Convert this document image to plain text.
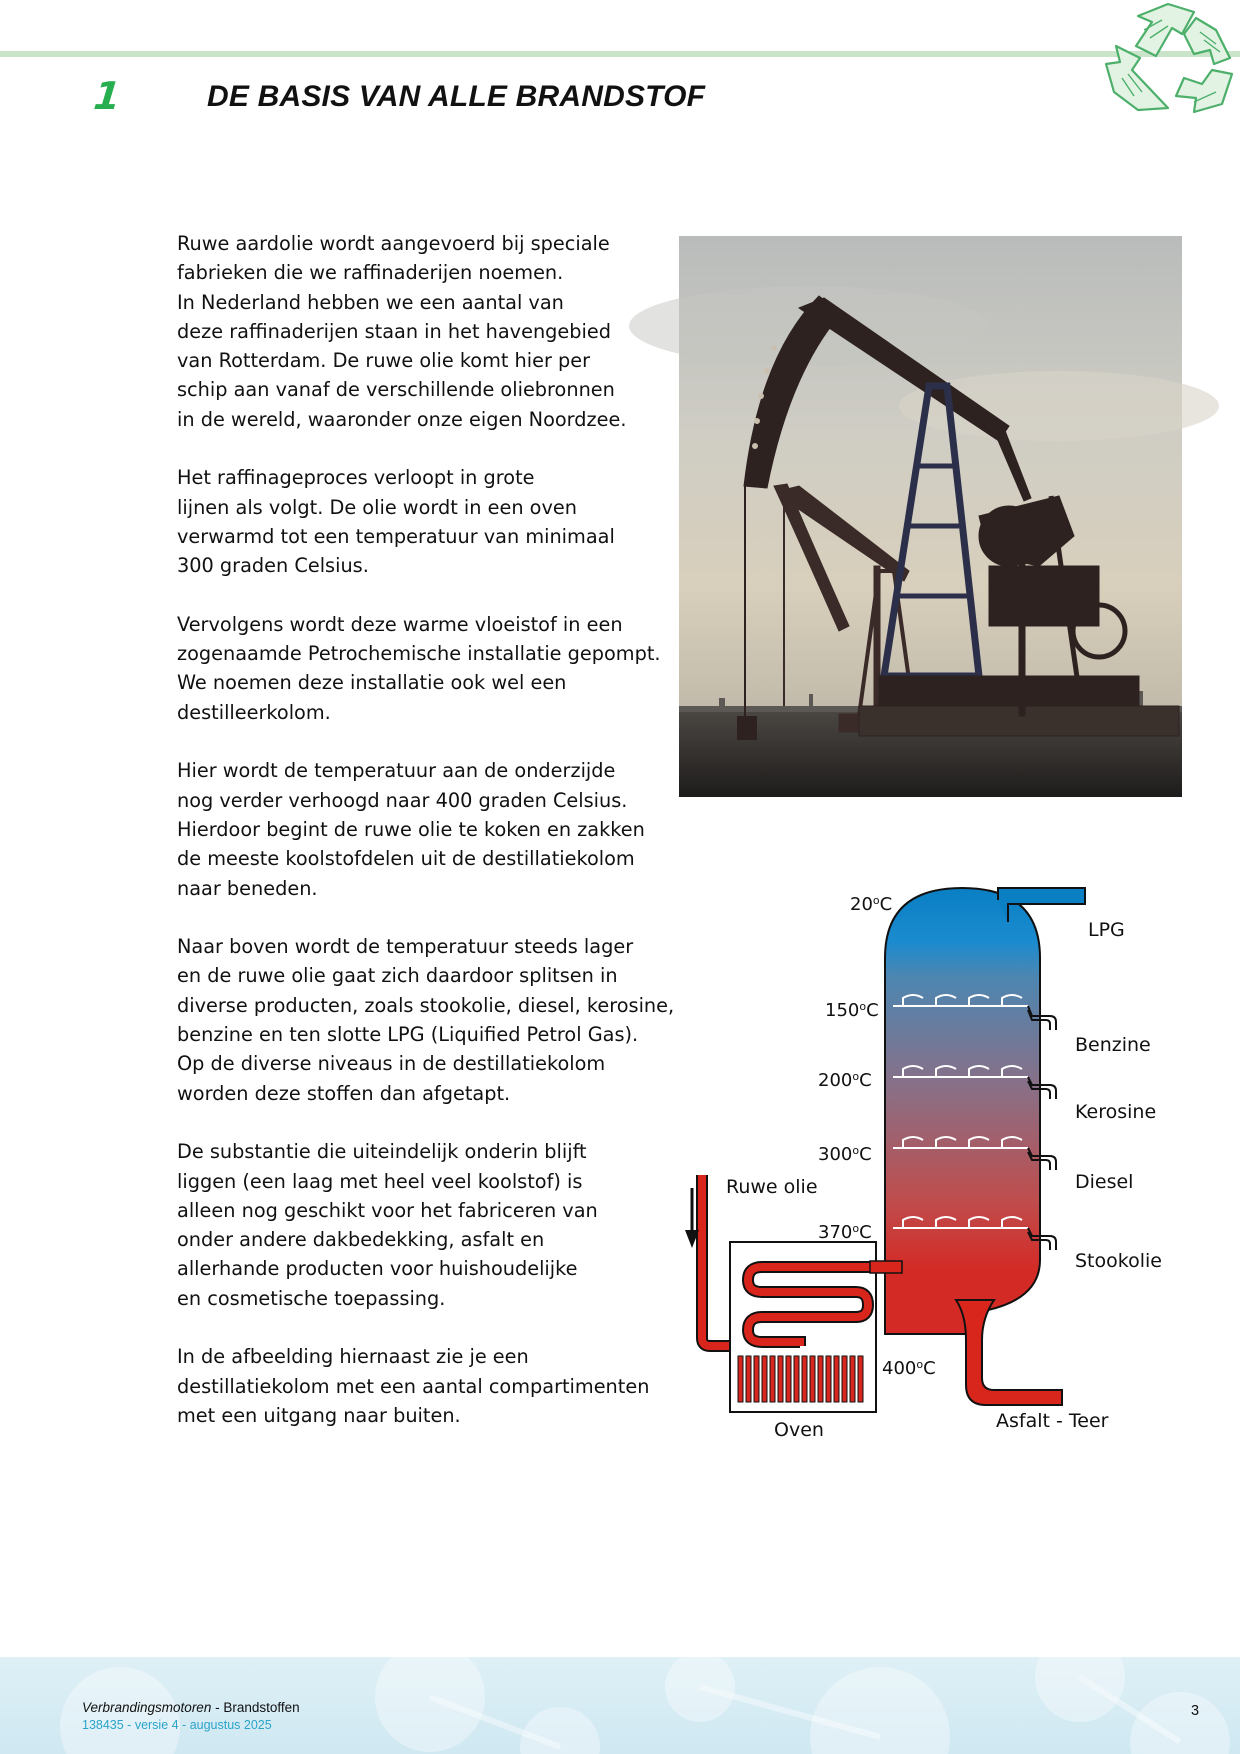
1	DE BASIS VAN ALLE BRANDSTOF

Ruwe aardolie wordt aangevoerd bij speciale
fabrieken die we raffinaderijen noemen.
In Nederland hebben we een aantal van
deze raffinaderijen staan in het havengebied
van Rotterdam. De ruwe olie komt hier per
schip aan vanaf de verschillende oliebronnen
in de wereld, waaronder onze eigen Noordzee.

Het raffinageproces verloopt in grote
lijnen als volgt. De olie wordt in een oven
verwarmd tot een temperatuur van minimaal
300 graden Celsius.

Vervolgens wordt deze warme vloeistof in een
zogenaamde Petrochemische installatie gepompt.
We noemen deze installatie ook wel een
destilleerkolom.

Hier wordt de temperatuur aan de onderzijde
nog verder verhoogd naar 400 graden Celsius.
Hierdoor begint de ruwe olie te koken en zakken
de meeste koolstofdelen uit de destillatiekolom
naar beneden.

Naar boven wordt de temperatuur steeds lager
en de ruwe olie gaat zich daardoor splitsen in
diverse producten, zoals stookolie, diesel, kerosine,
benzine en ten slotte LPG (Liquified Petrol Gas).
Op de diverse niveaus in de destillatiekolom
worden deze stoffen dan afgetapt.

De substantie die uiteindelijk onderin blijft
liggen (een laag met heel veel koolstof) is
alleen nog geschikt voor het fabriceren van
onder andere dakbedekking, asfalt en
allerhande producten voor huishoudelijke
en cosmetische toepassing.

In de afbeelding hiernaast zie je een
destillatiekolom met een aantal compartimenten
met een uitgang naar buiten.

20$^o$C
150$^o$C
200$^o$C
300$^o$C
370$^o$C
400$^o$C
LPG
Benzine
Kerosine
Diesel
Stookolie
Asfalt - Teer
Ruwe olie
Oven
Verbrandingsmotoren - Brandstoffen
138435 - versie 4 - augustus 2025
3
